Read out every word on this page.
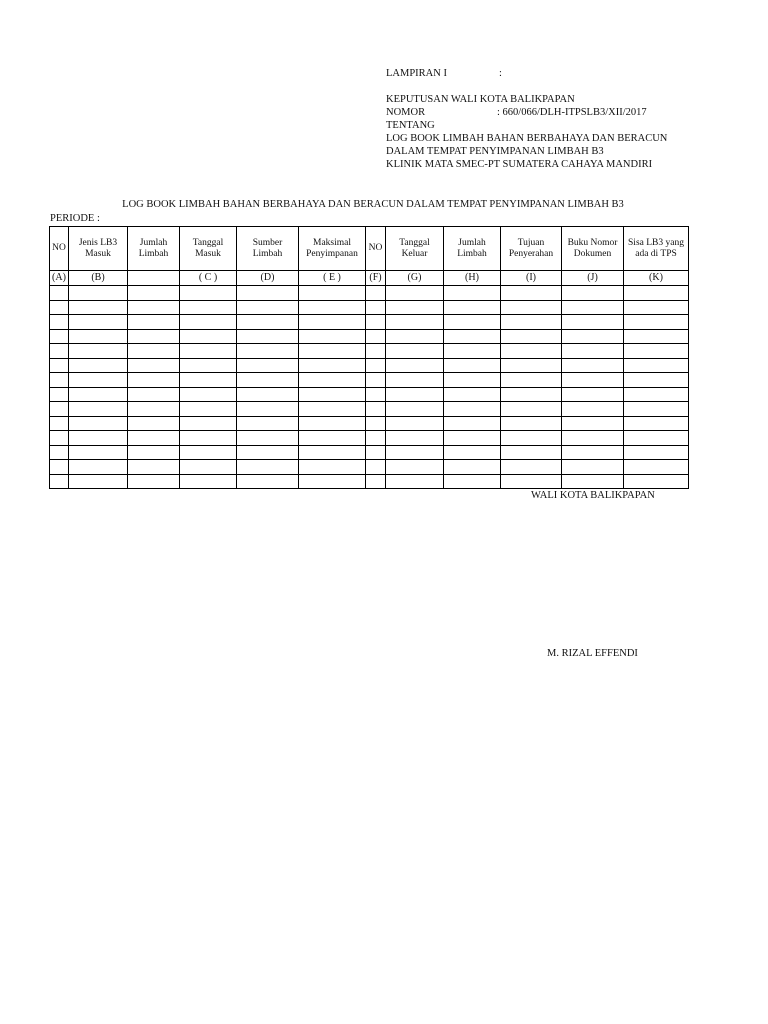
LAMPIRAN I	:
KEPUTUSAN WALI KOTA BALIKPAPAN
NOMOR	: 660/066/DLH-ITPSLB3/XII/2017
TENTANG
LOG BOOK LIMBAH BAHAN BERBAHAYA DAN BERACUN
DALAM TEMPAT PENYIMPANAN LIMBAH B3
KLINIK MATA SMEC-PT SUMATERA CAHAYA MANDIRI
LOG BOOK LIMBAH BAHAN BERBAHAYA DAN BERACUN DALAM TEMPAT PENYIMPANAN LIMBAH B3
PERIODE :
NO	Jenis LB3 Masuk	Jumlah Limbah	Tanggal Masuk	Sumber Limbah	Maksimal Penyimpanan	NO	Tanggal Keluar	Jumlah Limbah	Tujuan Penyerahan	Buku Nomor Dokumen	Sisa LB3 yang ada di TPS
(A)	(B)		( C )	(D)	( E )	(F)	(G)	(H)	(I)	(J)	(K)

WALI KOTA BALIKPAPAN
M. RIZAL EFFENDI
